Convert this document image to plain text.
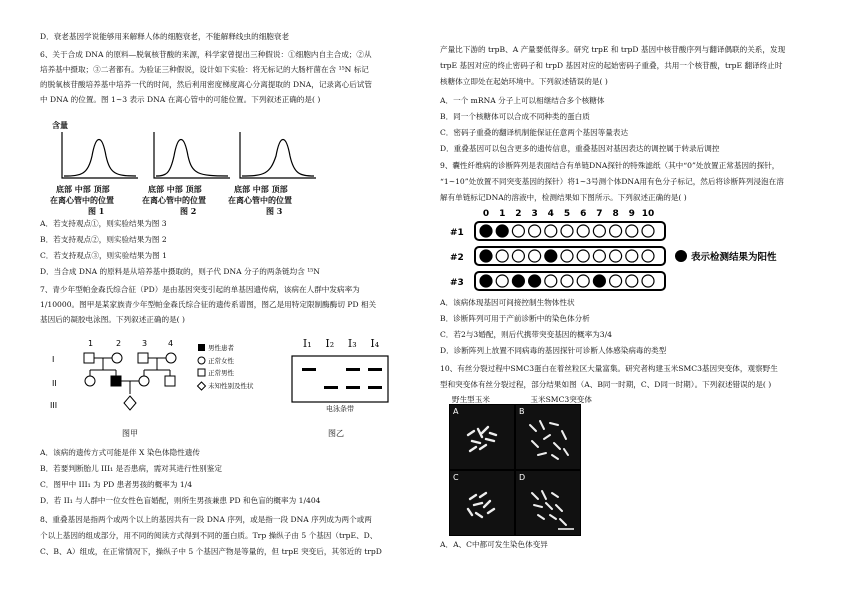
D．衰老基因学说能够用来解释人体的细胞衰老，不能解释线虫的细胞衰老

6、关于合成 DNA 的原料—脱氧核苷酸的来源，科学家曾提出三种假说：①细胞内自主合成；②从

培养基中摄取；③二者都有。为验证三种假说，设计如下实验：将无标记的大肠杆菌在含 ¹⁵N 标记

的脱氧核苷酸培养基中培养一代的时间，然后利用密度梯度离心分离提取的 DNA，记录离心后试管

中 DNA 的位置。图 1~3 表示 DNA 在离心管中的可能位置。下列叙述正确的是( )

含量
底部 中部 顶部
在离心管中的位置
图 1
底部 中部 顶部
在离心管中的位置
图 2
底部 中部 顶部
在离心管中的位置
图 3

A．若支持观点①，则实验结果为图 3

B．若支持观点②，则实验结果为图 2

C．若支持观点③，则实验结果为图 1

D．当合成 DNA 的原料是从培养基中摄取的，则子代 DNA 分子的两条链均含 ¹⁵N

7、青少年型帕金森氏综合征（PD）是由基因突变引起的单基因遗传病，该病在人群中发病率为

1/10000。图甲是某家族青少年型帕金森氏综合征的遗传系谱图，图乙是用特定限制酶酶切 PD 相关

基因后的凝胶电泳图。下列叙述正确的是( )

I
II
III
1	2	3	4	男性患者
正常女性
正常男性
未知性别及性状
图甲
I₁ I₂ I₃ I₄
电泳条带
图乙

A．该病的遗传方式可能是伴 X 染色体隐性遗传

B．若要判断胎儿 III₁ 是否患病，需对其进行性别鉴定

C．图甲中 III₁ 为 PD 患者男孩的概率为 1/4

D．若 II₁ 与人群中一位女性色盲婚配，则所生男孩兼患 PD 和色盲的概率为 1/404

8、重叠基因是指两个或两个以上的基因共有一段 DNA 序列，或是指一段 DNA 序列成为两个或两

个以上基因的组成部分，用不同的阅读方式得到不同的蛋白质。Trp 操纵子由 5 个基因（trpE、D、

C、B、A）组成，在正常情况下，操纵子中 5 个基因产物是等量的，但 trpE 突变后，其邻近的 trpD

产量比下游的 trpB、A 产量要低得多。研究 trpE 和 trpD 基因中核苷酸序列与翻译偶联的关系，发现

trpE 基因对应的终止密码子和 trpD 基因对应的起始密码子重叠，共用一个核苷酸，trpE 翻译终止时

核糖体立即处在起始环境中。下列叙述错误的是( )

A．一个 mRNA 分子上可以相继结合多个核糖体

B．同一个核糖体可以合成不同种类的蛋白质

C．密码子重叠的翻译机制能保证任意两个基因等量表达

D．重叠基因可以包含更多的遗传信息，重叠基因对基因表达的调控属于转录后调控

9、囊性纤维病的诊断阵列是表面结合有单链DNA探针的特殊滤纸（其中“0”处放置正常基因的探针，

“1~10”处放置不同突变基因的探针）将1~3号测个体DNA用有色分子标记，然后将诊断阵列浸泡在溶

解有单链标记DNA的溶液中，检测结果如下图所示。下列叙述正确的是( )

0 1 2 3 4 5 6 7 8 9 10
#1
#2
#3
表示检测结果为阳性

A．该病体现基因可间接控制生物体性状

B．诊断阵列可用于产前诊断中的染色体分析

C．若2与3婚配，则后代携带突变基因的概率为3/4

D．诊断阵列上放置不同病毒的基因探针可诊断人体感染病毒的类型

10、有丝分裂过程中SMC3蛋白在着丝粒区大量富集。研究者构建玉米SMC3基因突变体，观察野生

型和突变体有丝分裂过程，部分结果如图（A、B同一时期，C、D同一时期）。下列叙述错误的是( )

野生型玉米	玉米SMC3突变体

A．A、C中都可发生染色体变异

A	B
C	D
